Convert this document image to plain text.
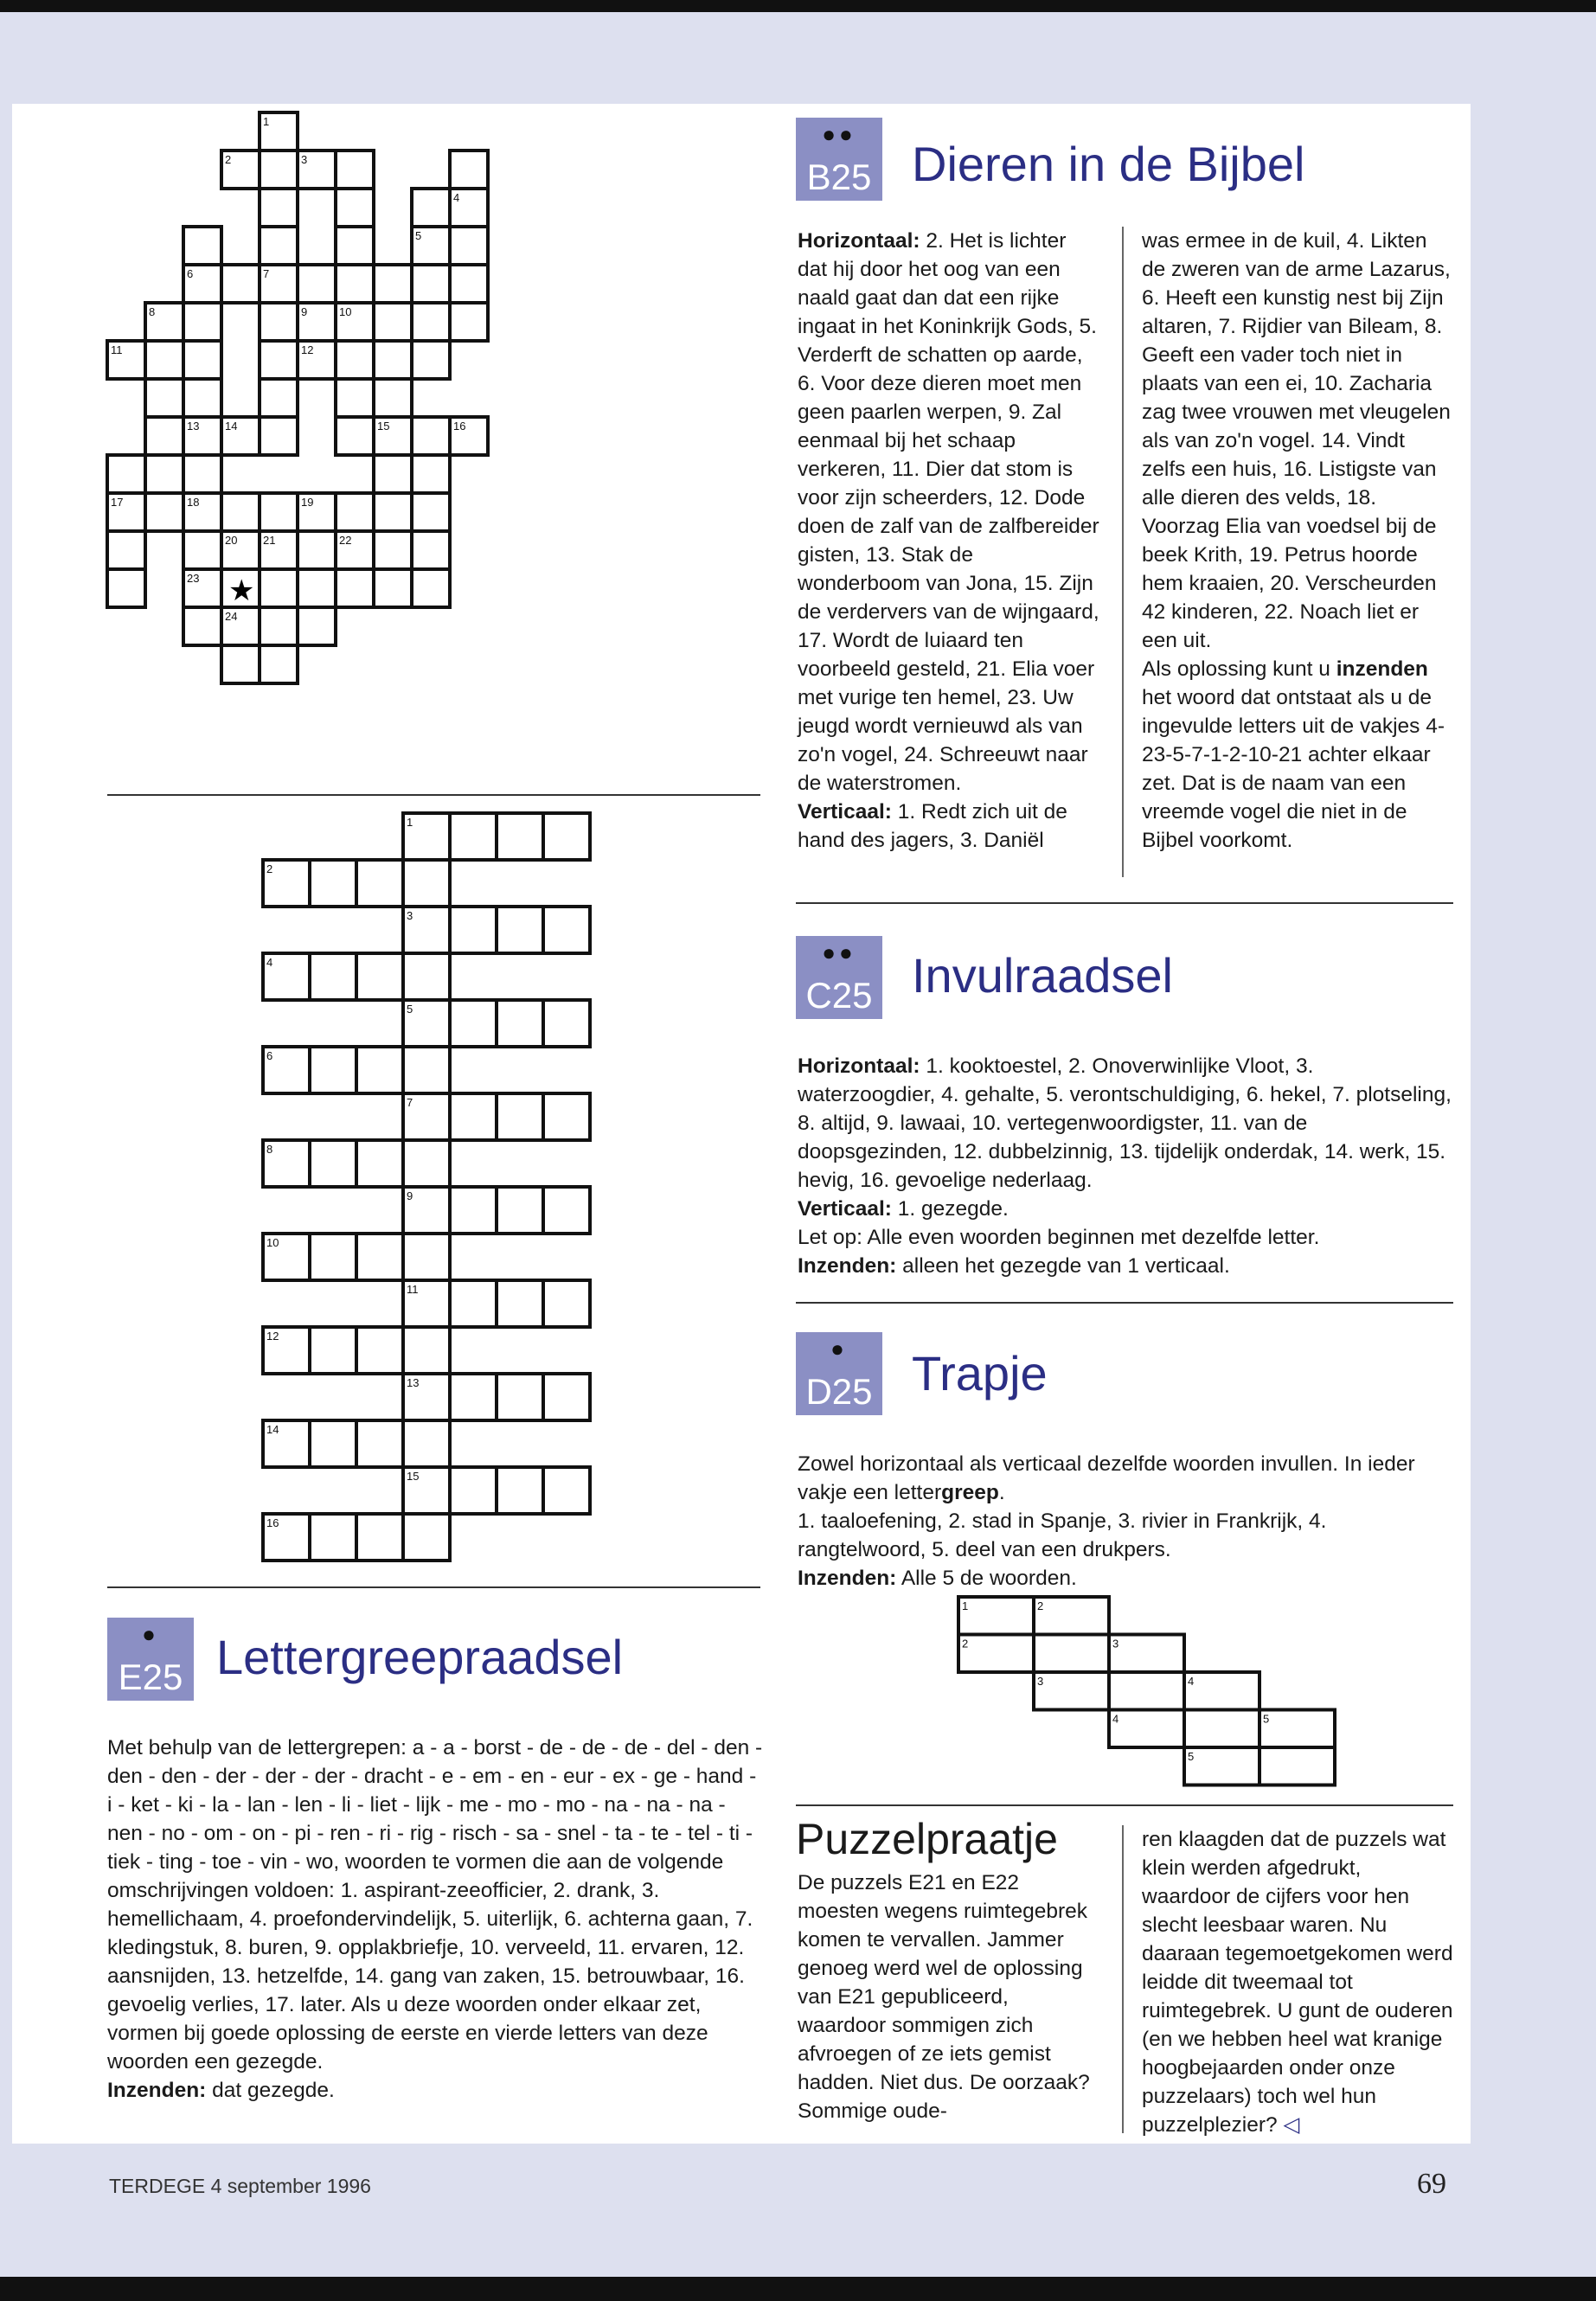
1
2	3
4
5
6	7
8	9	10
11	12
13 14	15	16
17	18	19
20 21	22
23
24
★
●●
B25 Dieren in de Bijbel

Horizontaal: 2. Het is lichter dat hij door het oog van een naald gaat dan dat een rijke ingaat in het Koninkrijk Gods, 5. Verderft de schatten op aarde, 6. Voor deze dieren moet men geen paarlen werpen, 9. Zal eenmaal bij het schaap verkeren, 11. Dier dat stom is voor zijn scheerders, 12. Dode doen de zalf van de zalfbereider gisten, 13. Stak de wonderboom van Jona, 15. Zijn de verdervers van de wijngaard, 17. Wordt de luiaard ten voorbeeld gesteld, 21. Elia voer met vurige ten hemel, 23. Uw jeugd wordt vernieuwd als van zo'n vogel, 24. Schreeuwt naar de waterstromen.

Verticaal: 1. Redt zich uit de hand des jagers, 3. Daniël

was ermee in de kuil, 4. Likten de zweren van de arme Lazarus, 6. Heeft een kunstig nest bij Zijn altaren, 7. Rijdier van Bileam, 8. Geeft een vader toch niet in plaats van een ei, 10. Zacharia zag twee vrouwen met vleugelen als van zo'n vogel. 14. Vindt zelfs een huis, 16. Listigste van alle dieren des velds, 18. Voorzag Elia van voedsel bij de beek Krith, 19. Petrus hoorde hem kraaien, 20. Verscheurden 42 kinderen, 22. Noach liet er een uit.

Als oplossing kunt u inzenden het woord dat ontstaat als u de ingevulde letters uit de vakjes 4-23-5-7-1-2-10-21 achter elkaar zet. Dat is de naam van een vreemde vogel die niet in de Bijbel voorkomt.

●●
C25 Invulraadsel

Horizontaal: 1. kooktoestel, 2. Onoverwinlijke Vloot, 3. waterzoogdier, 4. gehalte, 5. verontschuldiging, 6. hekel, 7. plotseling, 8. altijd, 9. lawaai, 10. vertegenwoordigster, 11. van de doopsgezinden, 12. dubbelzinnig, 13. tijdelijk onderdak, 14. werk, 15. hevig, 16. gevoelige nederlaag.

Verticaal: 1. gezegde.

Let op: Alle even woorden beginnen met dezelfde letter.

Inzenden: alleen het gezegde van 1 verticaal.

1
2
3
4
5
6
7
8
9
10
11
12
13
14
15
16
●
D25 Trapje

Zowel horizontaal als verticaal dezelfde woorden invullen. In ieder vakje een lettergreep.

1. taaloefening, 2. stad in Spanje, 3. rivier in Frankrijk, 4. rangtelwoord, 5. deel van een drukpers.

Inzenden: Alle 5 de woorden.

1	2
2	3
3	4
4	5
5
Puzzelpraatje

De puzzels E21 en E22 moesten wegens ruimtegebrek komen te vervallen. Jammer genoeg werd wel de oplossing van E21 gepubliceerd, waardoor sommigen zich afvroegen of ze iets gemist hadden. Niet dus. De oorzaak? Sommige oude-

ren klaagden dat de puzzels wat klein werden afgedrukt, waardoor de cijfers voor hen slecht leesbaar waren. Nu daaraan tegemoetgekomen werd leidde dit tweemaal tot ruimtegebrek. U gunt de ouderen (en we hebben heel wat kranige hoogbejaarden onder onze puzzelaars) toch wel hun puzzelplezier? ◁

●
E25 Lettergreepraadsel

Met behulp van de lettergrepen: a - a - borst - de - de - de - del - den - den - den - der - der - der - dracht - e - em - en - eur - ex - ge - hand - i - ket - ki - la - lan - len - li - liet - lijk - me - mo - mo - na - na - na - nen - no - om - on - pi - ren - ri - rig - risch - sa - snel - ta - te - tel - ti - tiek - ting - toe - vin - wo, woorden te vormen die aan de volgende omschrijvingen voldoen: 1. aspirant-zeeofficier, 2. drank, 3. hemellichaam, 4. proefondervindelijk, 5. uiterlijk, 6. achterna gaan, 7. kledingstuk, 8. buren, 9. opplakbriefje, 10. verveeld, 11. ervaren, 12. aansnijden, 13. hetzelfde, 14. gang van zaken, 15. betrouwbaar, 16. gevoelig verlies, 17. later. Als u deze woorden onder elkaar zet, vormen bij goede oplossing de eerste en vierde letters van deze woorden een gezegde.

Inzenden: dat gezegde.

TERDEGE 4 september 1996	69
